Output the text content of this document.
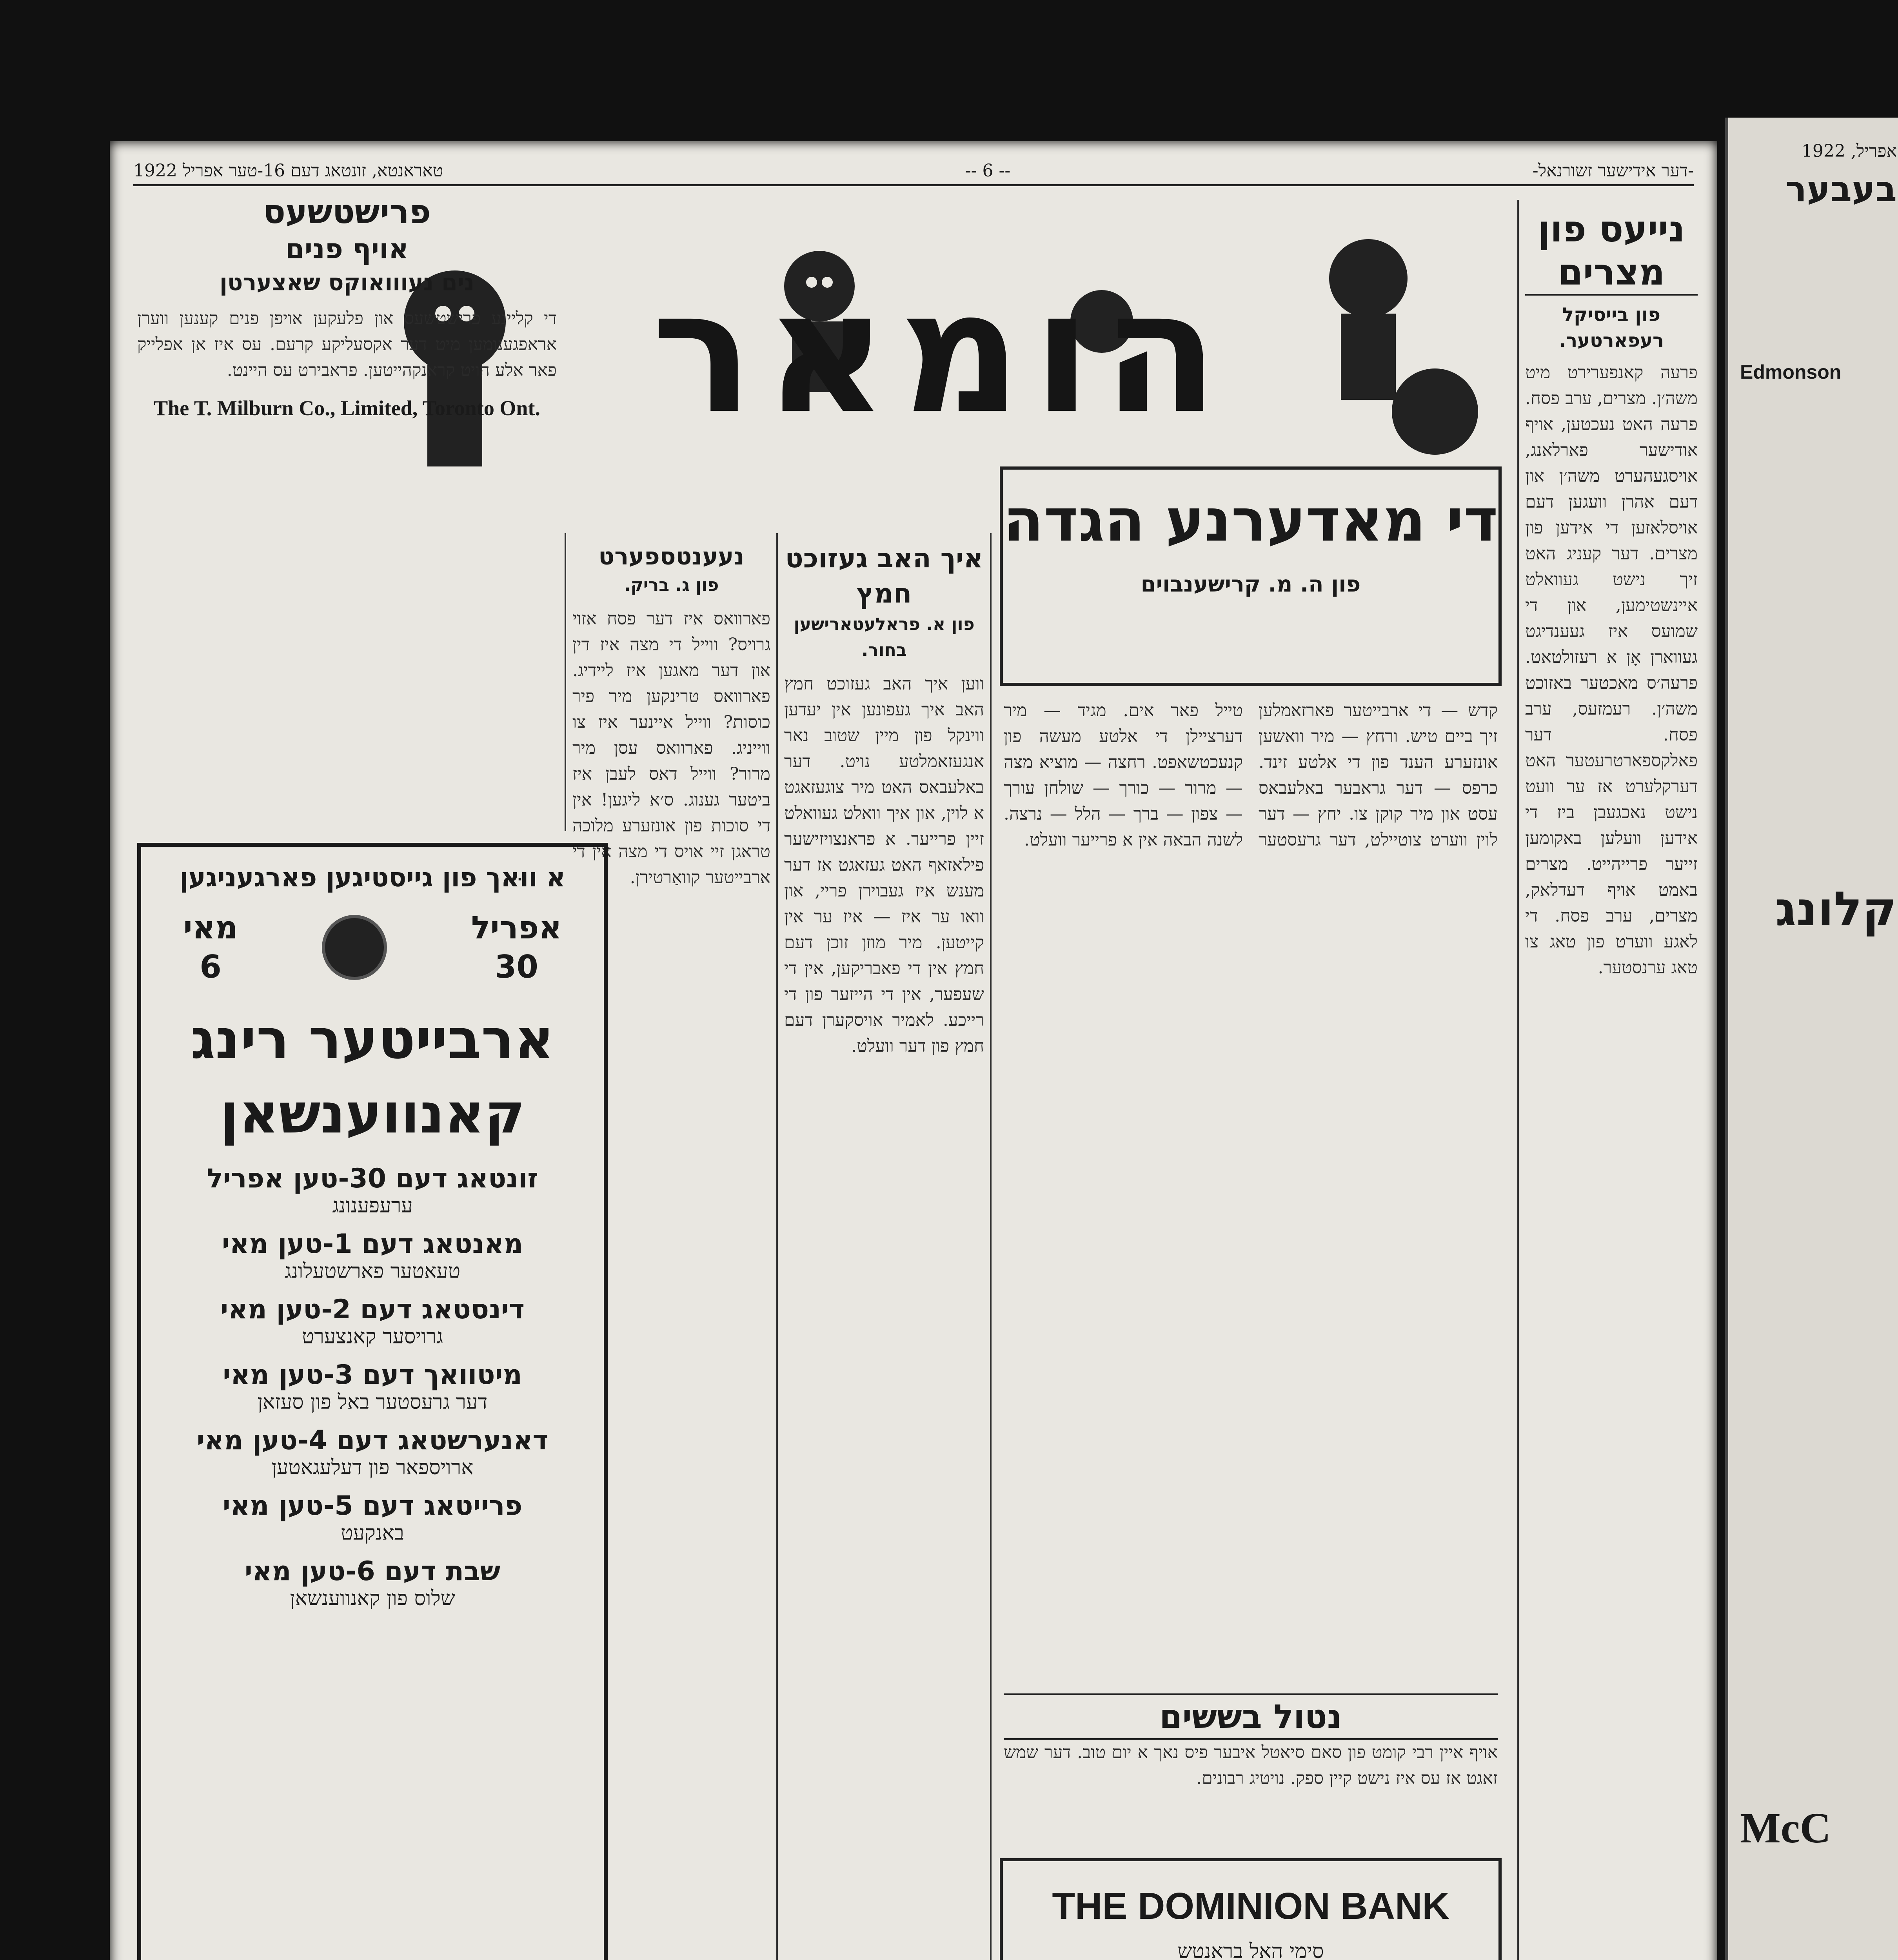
-דער אידישער זשורנאל-
-- 6 --
טאראנטא, זונטאג דעם 16-טער אפריל 1922
הומאר
נייעס פון מצרים
פון בייסיקל רעפארטער.
פרעה קאנפערירט מיט משה׳ן. מצרים, ערב פסח. פרעה האט נעכטען, אויף אודישער פארלאנג, אויסגעהערט משה׳ן און דעם אהרן וועגען דעם אויסלאזען די אידען פון מצרים. דער קעניג האט זיך נישט געוואלט איינשטימען, און די שמועס איז געענדיגט געווארן אָן א רעזולטאט. פרעה׳ס מאכטער באזוכט משה׳ן. רעמזעס, ערב פסח. דער פאלקספארטרעטער האט דערקלערט אז ער וועט נישט נאכגעבן ביז די אידען וועלען באקומען זייער פרייהייט. מצרים באמט אויף דעדלאק, מצרים, ערב פסח. די לאגע ווערט פון טאג צו טאג ערנסטער.
די מאדערנע הגדה
פון ה. מ. קרישענבוים
קדש — די ארבייטער פארזאמלען זיך ביים טיש. ורחץ — מיר וואשען אונזערע הענד פון די אלטע זינד. כרפס — דער גראבער באלעבאס עסט און מיר קוקן צו. יחץ — דער לוין ווערט צוטיילט, דער גרעסטער טייל פאר אים. מגיד — מיר דערציילן די אלטע מעשה פון קנעכטשאפט. רחצה — מוציא מצה — מרור — כורך — שולחן עורך — צפון — ברך — הלל — נרצה. לשנה הבאה אין א פרייער וועלט.
נטול בששים
אויף איין רבי קומט פון סאם סיאטל איבער פיס נאך א יום טוב. דער שמש זאגט אז עס איז נישט קיין ספק. נויטיג רבונים.
THE DOMINION BANK
סימי האל בראנטש
איך האב געזוכט חמץ
פון א. פראלעטארישען בחור.
ווען איך האב געזוכט חמץ האב איך געפונען אין יעדען ווינקל פון מיין שטוב נאר אנגעזאמלטע נויט. דער באלעבאס האט מיר צוגעזאגט א לוין, און איך וואלט געוואלט זיין פרייער. א פראנצויזישער פילאזאף האט געזאגט אז דער מענש איז געבוירן פריי, און וואו ער איז — איז ער אין קייטען. מיר מוזן זוכן דעם חמץ אין די פאבריקען, אין די שעפער, אין די הייזער פון די רייכע. לאמיר אויסקערן דעם חמץ פון דער וועלט.
נעענטספערט
פון ג. בריק.
פארוואס איז דער פסח אזוי גרויס? ווייל די מצה איז דין און דער מאגען איז ליידיג. פארוואס טרינקען מיר פיר כוסות? ווייל איינער איז צו ווייניג. פארוואס עסן מיר מרור? ווייל דאס לעבן איז ביטער גענוג. ס׳א ליגען! אין די סוכות פון אונזערע מלוכה טראגן זיי אויס די מצה אין די ארבייטער קוואַרטירן.
פרישטשעס
אויף פנים
נים נעווואוקס שאצערטן
די קליינע פרישטשעס און פלעקען אויפן פנים קענען ווערן אראפגענומען מיט דער אקסעליקע קרעם. עס איז אן אפלייק פאר אלע הויט קראנקהייטען. פראבירט עס היינט.
The T. Milburn Co., Limited, Toronto Ont.
א ווּאך פון גייסטיגען פארגעניגען
אפריל
30
מאי
6
ארבייטער רינג
קאנווענשאן
זונטאג דעם 30-טען אפריל
ערעפענונג
מאנטאג דעם 1-טען מאי
טעאטער פארשטעלונג
דינסטאג דעם 2-טען מאי
גרויסער קאנצערט
מיטוואך דעם 3-טען מאי
דער גרעסטער באל פון סעזאן
דאנערשטאג דעם 4-טען מאי
ארויספאר פון דעלעגאטען
פרייטאג דעם 5-טען מאי
באנקעט
שבת דעם 6-טען מאי
שלוס פון קאנווענשאן
אפריל, 1922
בעבער
Edmonson
קלונג
McC
